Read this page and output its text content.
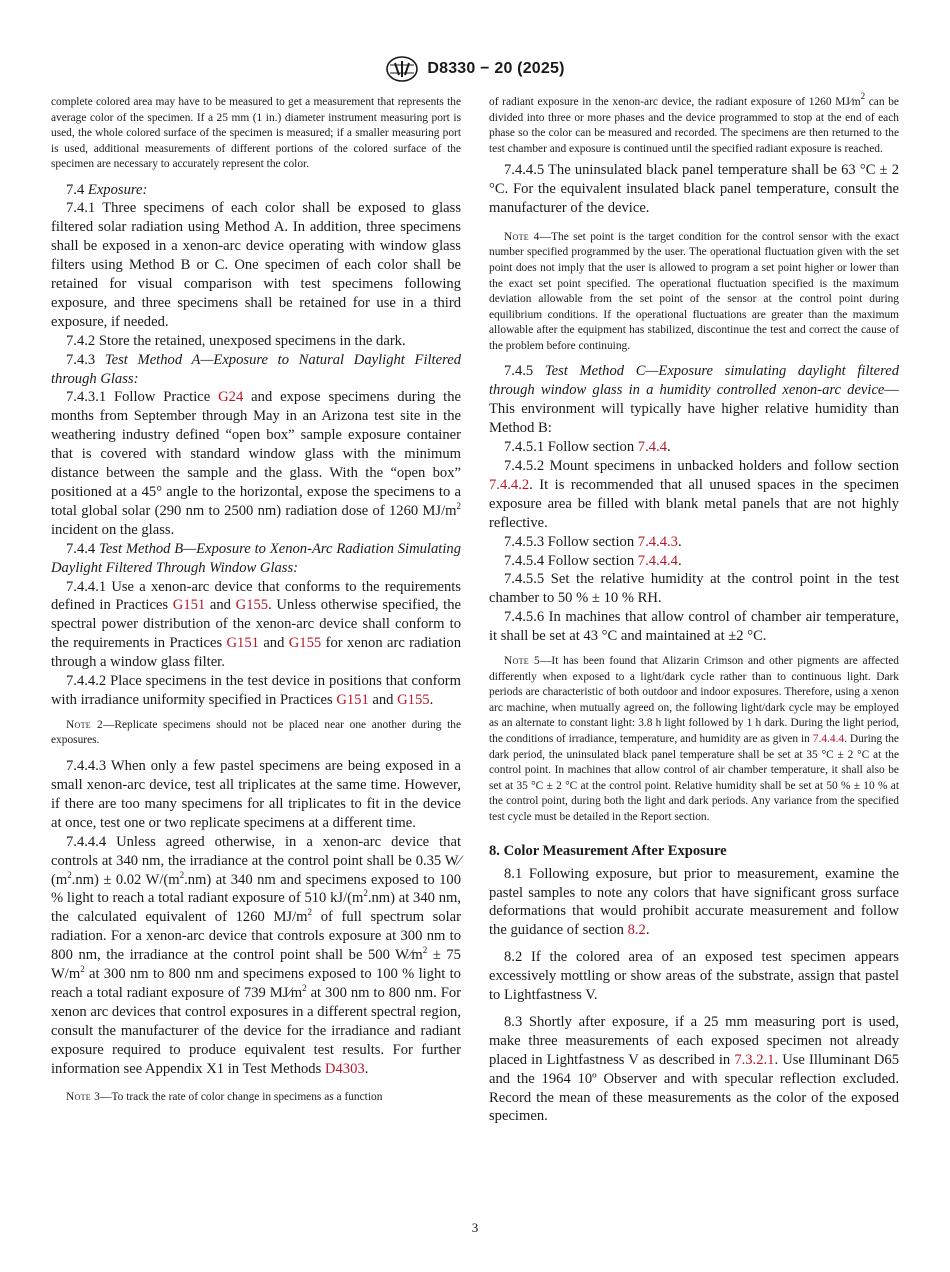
D8330 − 20 (2025)

complete colored area may have to be measured to get a measurement that represents the average color of the specimen. If a 25 mm (1 in.) diameter instrument measuring port is used, the whole colored surface of the specimen is measured; if a smaller measuring port is used, additional measurements of different portions of the colored surface of the specimen are necessary to accurately represent the color.

7.4 Exposure:

7.4.1 Three specimens of each color shall be exposed to glass filtered solar radiation using Method A. In addition, three specimens shall be exposed in a xenon-arc device operating with window glass filters using Method B or C. One specimen of each color shall be retained for visual comparison with test specimens following exposure, and three specimens shall be retained for use in a third exposure, if needed.

7.4.2 Store the retained, unexposed specimens in the dark.

7.4.3 Test Method A—Exposure to Natural Daylight Filtered through Glass:

7.4.3.1 Follow Practice G24 and expose specimens during the months from September through May in an Arizona test site in the weathering industry defined “open box” sample exposure container that is covered with standard window glass with the minimum distance between the sample and the glass. With the “open box” positioned at a 45° angle to the horizontal, expose the specimens to a total global solar (290 nm to 2500 nm) radiation dose of 1260 $MJ/m^2$ incident on the glass.

7.4.4 Test Method B—Exposure to Xenon-Arc Radiation Simulating Daylight Filtered Through Window Glass:

7.4.4.1 Use a xenon-arc device that conforms to the requirements defined in Practices G151 and G155. Unless otherwise specified, the spectral power distribution of the xenon-arc device shall conform to the requirements in Practices G151 and G155 for xenon arc radiation through a window glass filter.

7.4.4.2 Place specimens in the test device in positions that conform with irradiance uniformity specified in Practices G151 and G155.

Note 2—Replicate specimens should not be placed near one another during the exposures.

7.4.4.3 When only a few pastel specimens are being exposed in a small xenon-arc device, test all triplicates at the same time. However, if there are too many specimens for all triplicates to fit in the device at once, test one or two replicate specimens at a different time.

7.4.4.4 Unless agreed otherwise, in a xenon-arc device that controls at 340 nm, the irradiance at the control point shall be 0.35 $W⁄(m^2.nm) \pm 0.02$ $W/(m^2.nm)$ at 340 nm and specimens exposed to 100 % light to reach a total radiant exposure of 510 $kJ/(m^2.nm)$ at 340 nm, the calculated equivalent of 1260 $MJ/m^2$ of full spectrum solar radiation. For a xenon-arc device that controls exposure at 300 nm to 800 nm, the irradiance at the control point shall be 500 $W⁄m^2 \pm 75$ $W/m^2$ at 300 nm to 800 nm and specimens exposed to 100 % light to reach a total radiant exposure of 739 $MJ⁄m^2$ at 300 nm to 800 nm. For xenon arc devices that control exposures in a different spectral region, consult the manufacturer of the device for the irradiance and radiant exposure required to produce equivalent test results. For further information see Appendix X1 in Test Methods D4303.

Note 3—To track the rate of color change in specimens as a function

of radiant exposure in the xenon-arc device, the radiant exposure of 1260 $MJ⁄m^2$ can be divided into three or more phases and the device programmed to stop at the end of each phase so the color can be measured and recorded. The specimens are then returned to the test chamber and exposure is continued until the specified radiant exposure is reached.

7.4.4.5 The uninsulated black panel temperature shall be 63 °C ± 2 °C. For the equivalent insulated black panel temperature, consult the manufacturer of the device.

Note 4—The set point is the target condition for the control sensor with the exact number specified programmed by the user. The operational fluctuation given with the set point does not imply that the user is allowed to program a set point higher or lower than the exact set point specified. The operational fluctuation specified is the maximum deviation allowable from the set point of the sensor at the control point during equilibrium conditions. If the operational fluctuations are greater than the maximum allowable after the equipment has stabilized, discontinue the test and correct the cause of the problem before continuing.

7.4.5 Test Method C—Exposure simulating daylight filtered through window glass in a humidity controlled xenon-arc device—This environment will typically have higher relative humidity than Method B:

7.4.5.1 Follow section 7.4.4.

7.4.5.2 Mount specimens in unbacked holders and follow section 7.4.4.2. It is recommended that all unused spaces in the specimen exposure area be filled with blank metal panels that are not highly reflective.

7.4.5.3 Follow section 7.4.4.3.

7.4.5.4 Follow section 7.4.4.4.

7.4.5.5 Set the relative humidity at the control point in the test chamber to 50 % ± 10 % RH.

7.4.5.6 In machines that allow control of chamber air temperature, it shall be set at 43 °C and maintained at ±2 °C.

Note 5—It has been found that Alizarin Crimson and other pigments are affected differently when exposed to a light/dark cycle rather than to continuous light. Dark periods are characteristic of both outdoor and indoor exposures. Therefore, using a xenon arc machine, when mutually agreed on, the following light/dark cycle may be employed as an alternate to constant light: 3.8 h light followed by 1 h dark. During the light period, the conditions of irradiance, temperature, and humidity are as given in 7.4.4.4. During the dark period, the uninsulated black panel temperature shall be set at 35 °C ± 2 °C at the control point. In machines that allow control of air chamber temperature, it shall also be set at 35 °C ± 2 °C at the control point. Relative humidity shall be set at 50 % ± 10 % at the control point, during both the light and dark periods. Any variance from the specified test cycle must be detailed in the Report section.

8. Color Measurement After Exposure

8.1 Following exposure, but prior to measurement, examine the pastel samples to note any colors that have significant gross surface deformations that would prohibit accurate measurement and follow the guidance of section 8.2.

8.2 If the colored area of an exposed test specimen appears excessively mottling or show areas of the substrate, assign that pastel to Lightfastness V.

8.3 Shortly after exposure, if a 25 mm measuring port is used, make three measurements of each exposed specimen not already placed in Lightfastness V as described in 7.3.2.1. Use Illuminant D65 and the 1964 10º Observer and with specular reflection excluded. Record the mean of these measurements as the color of the exposed specimen.

3
